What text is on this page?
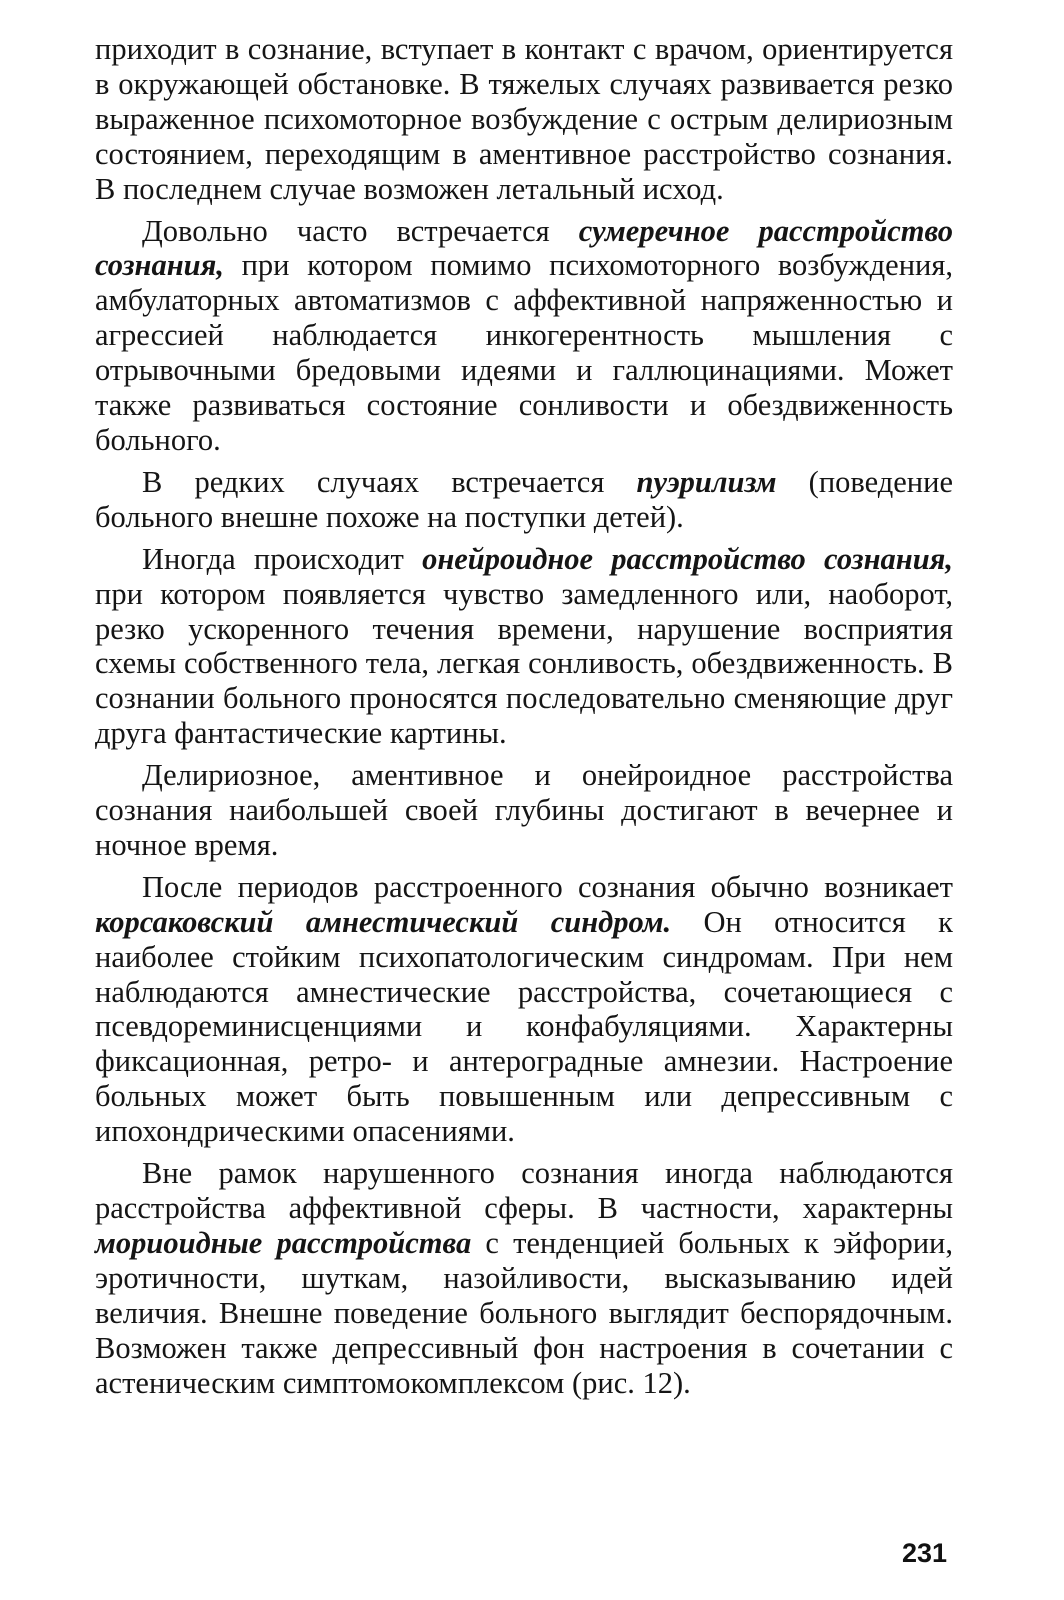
приходит в сознание, вступает в контакт с врачом, ориентируется в окружающей обстановке. В тяжелых случаях развивается резко выраженное психомоторное возбуждение с острым делириозным состоянием, переходящим в аментивное расстройство сознания. В последнем случае возможен летальный исход.

Довольно часто встречается сумеречное расстройство сознания, при котором помимо психомоторного возбуждения, амбулаторных автоматизмов с аффективной напряженностью и агрессией наблюдается инкогерентность мышления с отрывочными бредовыми идеями и галлюцинациями. Может также развиваться состояние сонливости и обездвиженность больного.

В редких случаях встречается пуэрилизм (поведение больного внешне похоже на поступки детей).

Иногда происходит онейроидное расстройство сознания, при котором появляется чувство замедленного или, наоборот, резко ускоренного течения времени, нарушение восприятия схемы собственного тела, легкая сонливость, обездвиженность. В сознании больного проносятся последовательно сменяющие друг друга фантастические картины.

Делириозное, аментивное и онейроидное расстройства сознания наибольшей своей глубины достигают в вечернее и ночное время.

После периодов расстроенного сознания обычно возникает корсаковский амнестический синдром. Он относится к наиболее стойким психопатологическим синдромам. При нем наблюдаются амнестические расстройства, сочетающиеся с псевдореминисценциями и конфабуляциями. Характерны фиксационная, ретро- и антероградные амнезии. Настроение больных может быть повышенным или депрессивным с ипохондрическими опасениями.

Вне рамок нарушенного сознания иногда наблюдаются расстройства аффективной сферы. В частности, характерны мориоидные расстройства с тенденцией больных к эйфории, эротичности, шуткам, назойливости, высказыванию идей величия. Внешне поведение больного выглядит беспорядочным. Возможен также депрессивный фон настроения в сочетании с астеническим симптомокомплексом (рис. 12).

231
